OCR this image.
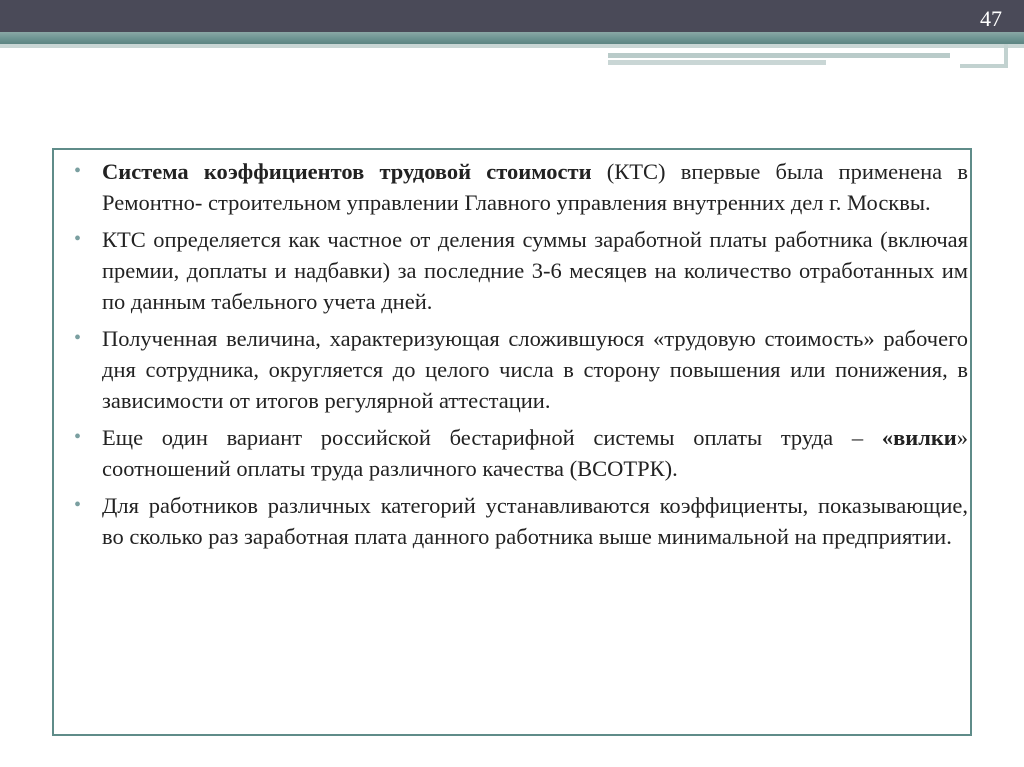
47
• Система коэффициентов трудовой стоимости (КТС) впервые была применена в Ремонтно- строительном управлении Главного управления внутренних дел г. Москвы.
• КТС определяется как частное от деления суммы заработной платы работника (включая премии, доплаты и надбавки) за последние 3-6 месяцев на количество отработанных им по данным табельного учета дней.
• Полученная величина, характеризующая сложившуюся «трудовую стоимость» рабочего дня сотрудника, округляется до целого числа в сторону повышения или понижения, в зависимости от итогов регулярной аттестации.
• Еще один вариант российской бестарифной системы оплаты труда – «вилки» соотношений оплаты труда различного качества (ВСОТРК).
• Для работников различных категорий устанавливаются коэффициенты, показывающие, во сколько раз заработная плата данного работника выше минимальной на предприятии.
